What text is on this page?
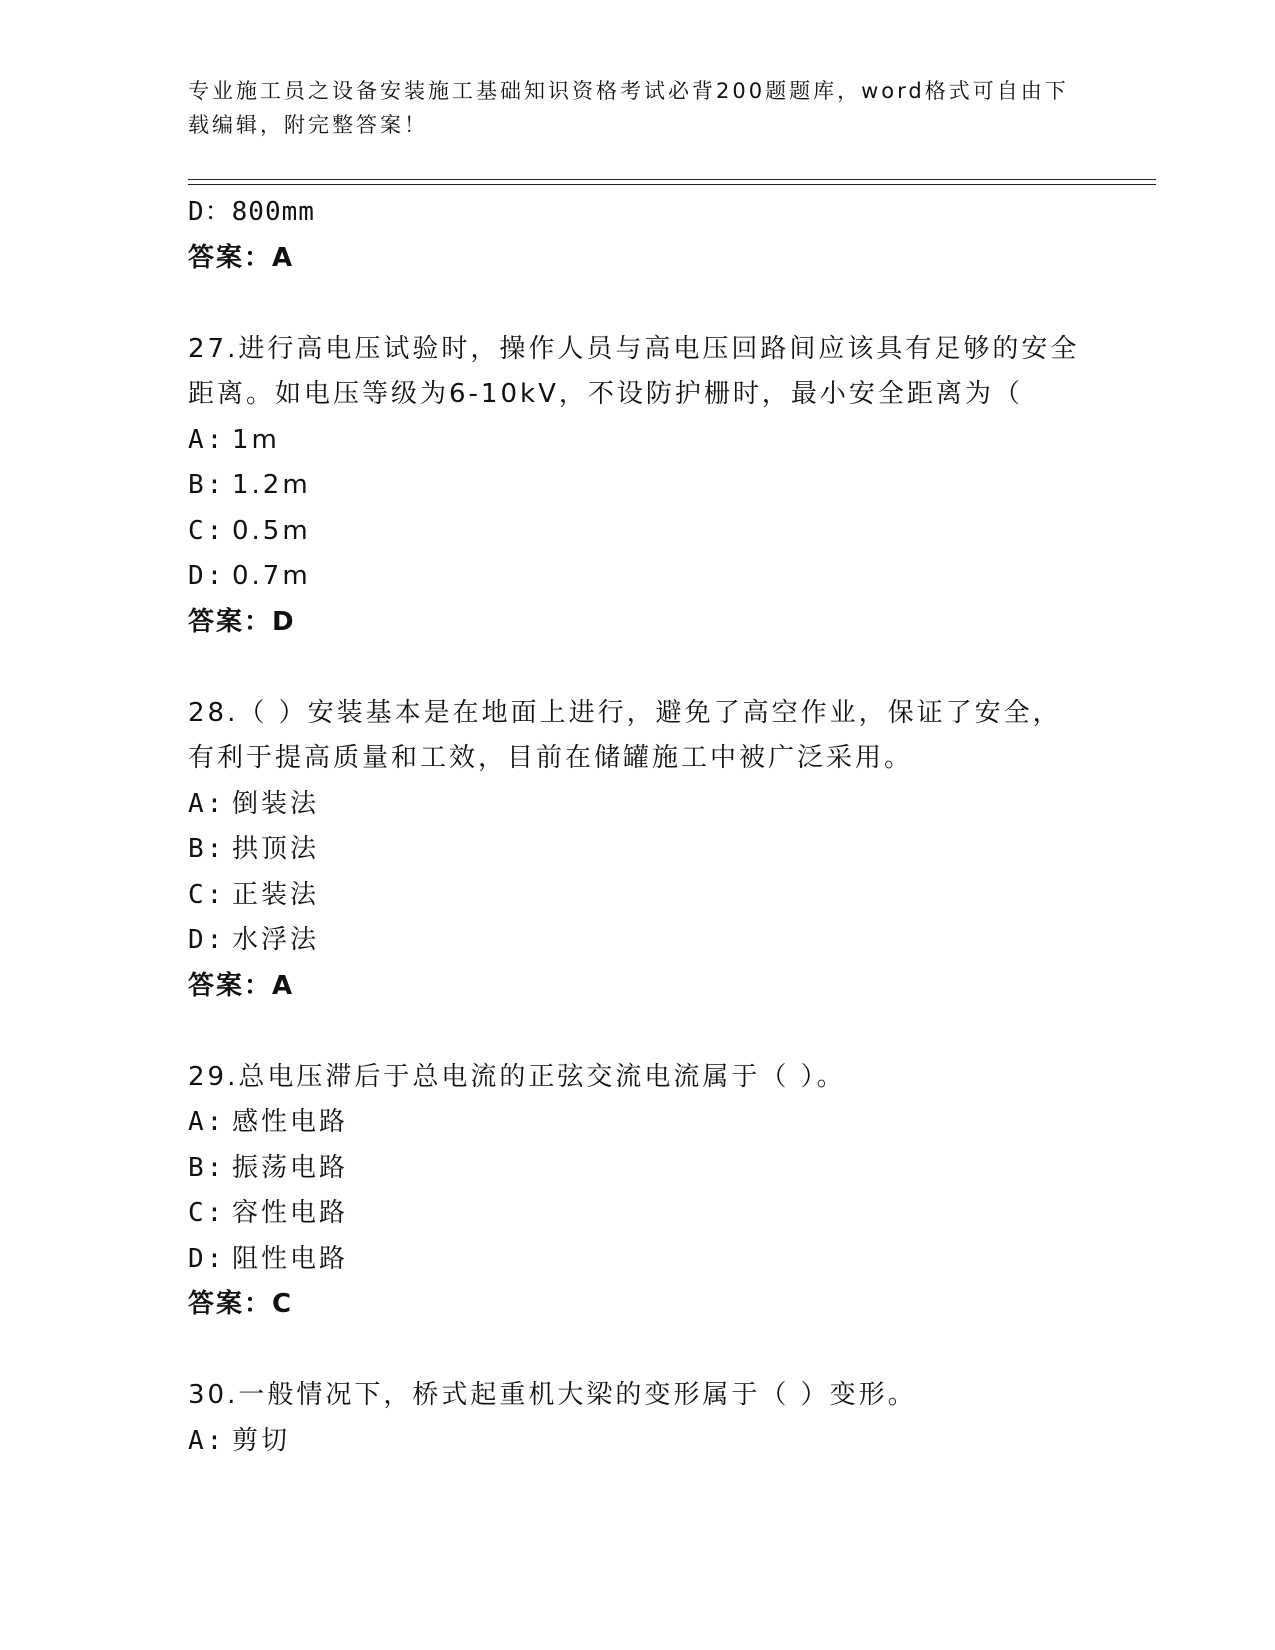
专业施工员之设备安装施工基础知识资格考试必背200题题库，word格式可自由下载编辑，附完整答案！
D：800mm
答案：A
27.进行高电压试验时，操作人员与高电压回路间应该具有足够的安全
距离。如电压等级为6-10kV，不设防护栅时，最小安全距离为（
A: 1m
B: 1.2m
C: 0.5m
D: 0.7m
答案：D
28.（ ）安装基本是在地面上进行，避免了高空作业，保证了安全，
有利于提高质量和工效，目前在储罐施工中被广泛采用。
A: 倒装法
B: 拱顶法
C: 正装法
D: 水浮法
答案：A
29.总电压滞后于总电流的正弦交流电流属于（ ）。
A: 感性电路
B: 振荡电路
C: 容性电路
D: 阻性电路
答案：C
30.一般情况下，桥式起重机大梁的变形属于（ ）变形。
A: 剪切
